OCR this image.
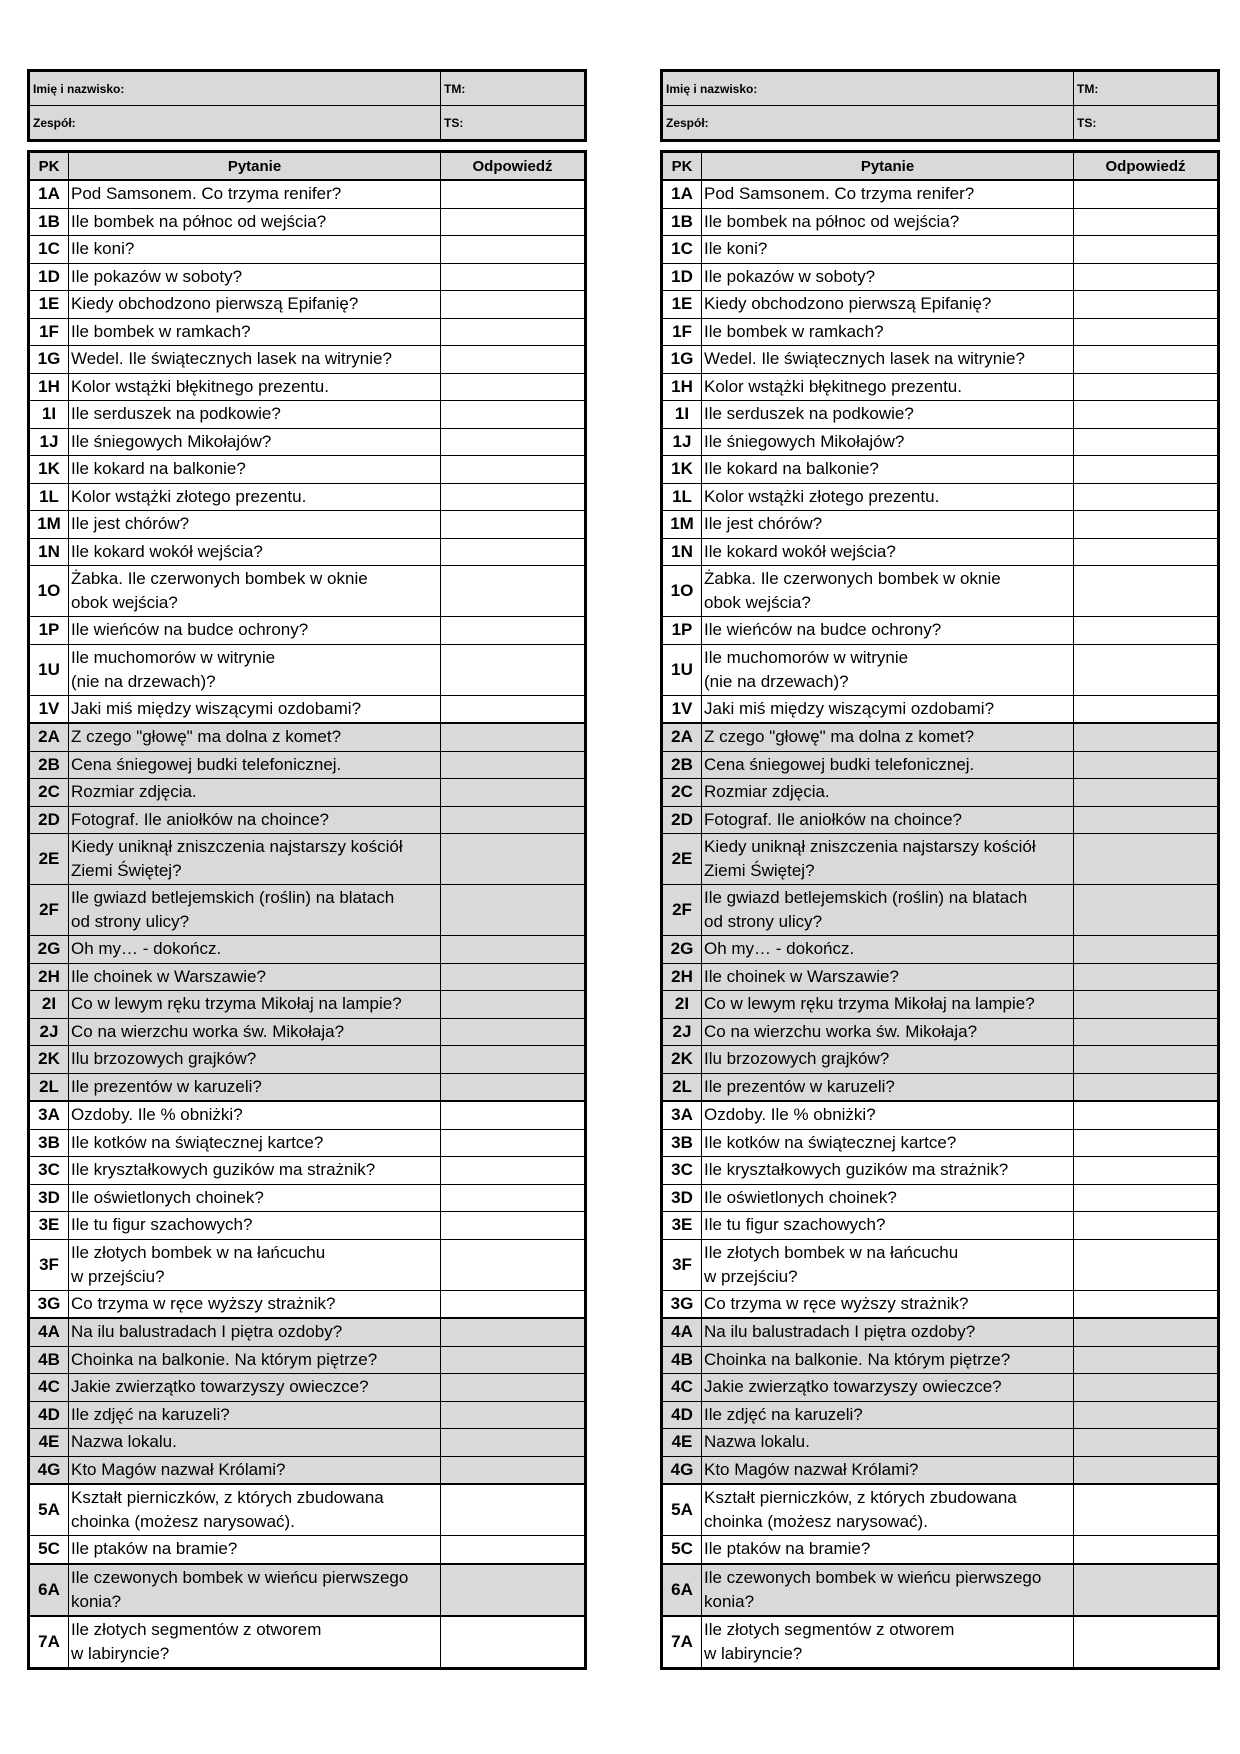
Imię i nazwisko:	TM:
Zespół:	TS:
PK	Pytanie	Odpowiedź
1A	Pod Samsonem. Co trzyma renifer?	
1B	Ile bombek na północ od wejścia?	
1C	Ile koni?	
1D	Ile pokazów w soboty?	
1E	Kiedy obchodzono pierwszą Epifanię?	
1F	Ile bombek w ramkach?	
1G	Wedel. Ile świątecznych lasek na witrynie?	
1H	Kolor wstążki błękitnego prezentu.	
1I	Ile serduszek na podkowie?	
1J	Ile śniegowych Mikołajów?	
1K	Ile kokard na balkonie?	
1L	Kolor wstążki złotego prezentu.	
1M	Ile jest chórów?	
1N	Ile kokard wokół wejścia?	
1O	Żabka. Ile czerwonych bombek w oknie
obok wejścia?	
1P	Ile wieńców na budce ochrony?	
1U	Ile muchomorów w witrynie
(nie na drzewach)?	
1V	Jaki miś między wiszącymi ozdobami?	
2A	Z czego "głowę" ma dolna z komet?	
2B	Cena śniegowej budki telefonicznej.	
2C	Rozmiar zdjęcia.	
2D	Fotograf. Ile aniołków na choince?	
2E	Kiedy uniknął zniszczenia najstarszy kościół
Ziemi Świętej?	
2F	Ile gwiazd betlejemskich (roślin) na blatach
od strony ulicy?	
2G	Oh my… - dokończ.	
2H	Ile choinek w Warszawie?	
2I	Co w lewym ręku trzyma Mikołaj na lampie?	
2J	Co na wierzchu worka św. Mikołaja?	
2K	Ilu brzozowych grajków?	
2L	Ile prezentów w karuzeli?	
3A	Ozdoby. Ile % obniżki?	
3B	Ile kotków na świątecznej kartce?	
3C	Ile kryształkowych guzików ma strażnik?	
3D	Ile oświetlonych choinek?	
3E	Ile tu figur szachowych?	
3F	Ile złotych bombek w na łańcuchu
w przejściu?	
3G	Co trzyma w ręce wyższy strażnik?	
4A	Na ilu balustradach I piętra ozdoby?	
4B	Choinka na balkonie. Na którym piętrze?	
4C	Jakie zwierzątko towarzyszy owieczce?	
4D	Ile zdjęć na karuzeli?	
4E	Nazwa lokalu.	
4G	Kto Magów nazwał Królami?	
5A	Kształt pierniczków, z których zbudowana
choinka (możesz narysować).	
5C	Ile ptaków na bramie?	
6A	Ile czewonych bombek w wieńcu pierwszego
konia?	
7A	Ile złotych segmentów z otworem
w labiryncie?	
Imię i nazwisko:	TM:
Zespół:	TS:
PK	Pytanie	Odpowiedź
1A	Pod Samsonem. Co trzyma renifer?	
1B	Ile bombek na północ od wejścia?	
1C	Ile koni?	
1D	Ile pokazów w soboty?	
1E	Kiedy obchodzono pierwszą Epifanię?	
1F	Ile bombek w ramkach?	
1G	Wedel. Ile świątecznych lasek na witrynie?	
1H	Kolor wstążki błękitnego prezentu.	
1I	Ile serduszek na podkowie?	
1J	Ile śniegowych Mikołajów?	
1K	Ile kokard na balkonie?	
1L	Kolor wstążki złotego prezentu.	
1M	Ile jest chórów?	
1N	Ile kokard wokół wejścia?	
1O	Żabka. Ile czerwonych bombek w oknie
obok wejścia?	
1P	Ile wieńców na budce ochrony?	
1U	Ile muchomorów w witrynie
(nie na drzewach)?	
1V	Jaki miś między wiszącymi ozdobami?	
2A	Z czego "głowę" ma dolna z komet?	
2B	Cena śniegowej budki telefonicznej.	
2C	Rozmiar zdjęcia.	
2D	Fotograf. Ile aniołków na choince?	
2E	Kiedy uniknął zniszczenia najstarszy kościół
Ziemi Świętej?	
2F	Ile gwiazd betlejemskich (roślin) na blatach
od strony ulicy?	
2G	Oh my… - dokończ.	
2H	Ile choinek w Warszawie?	
2I	Co w lewym ręku trzyma Mikołaj na lampie?	
2J	Co na wierzchu worka św. Mikołaja?	
2K	Ilu brzozowych grajków?	
2L	Ile prezentów w karuzeli?	
3A	Ozdoby. Ile % obniżki?	
3B	Ile kotków na świątecznej kartce?	
3C	Ile kryształkowych guzików ma strażnik?	
3D	Ile oświetlonych choinek?	
3E	Ile tu figur szachowych?	
3F	Ile złotych bombek w na łańcuchu
w przejściu?	
3G	Co trzyma w ręce wyższy strażnik?	
4A	Na ilu balustradach I piętra ozdoby?	
4B	Choinka na balkonie. Na którym piętrze?	
4C	Jakie zwierzątko towarzyszy owieczce?	
4D	Ile zdjęć na karuzeli?	
4E	Nazwa lokalu.	
4G	Kto Magów nazwał Królami?	
5A	Kształt pierniczków, z których zbudowana
choinka (możesz narysować).	
5C	Ile ptaków na bramie?	
6A	Ile czewonych bombek w wieńcu pierwszego
konia?	
7A	Ile złotych segmentów z otworem
w labiryncie?	
